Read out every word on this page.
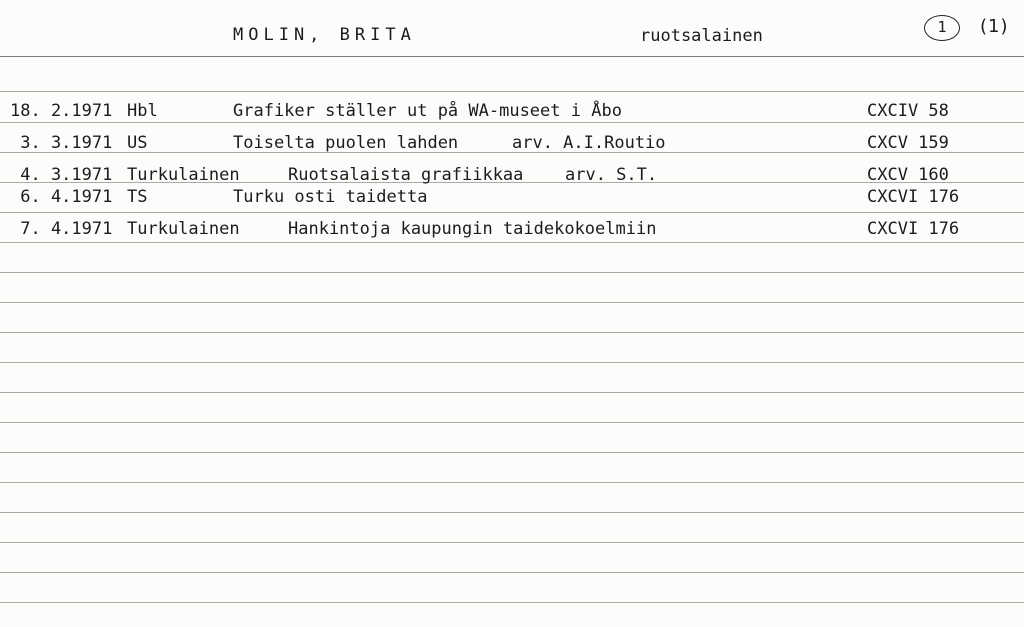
MOLIN, BRITA	ruotsalainen	1	(1)
18. 2.1971 Hbl	Grafiker ställer ut på WA-museet i Åbo	CXCIV 58
3. 3.1971 US	Toiselta puolen lahden	arv. A.I.Routio	CXCV 159
4. 3.1971 Turkulainen	Ruotsalaista grafiikkaa arv. S.T.	CXCV 160
6. 4.1971 TS	Turku osti taidetta	CXCVI 176
7. 4.1971 Turkulainen	Hankintoja kaupungin taidekokoelmiin	CXCVI 176
